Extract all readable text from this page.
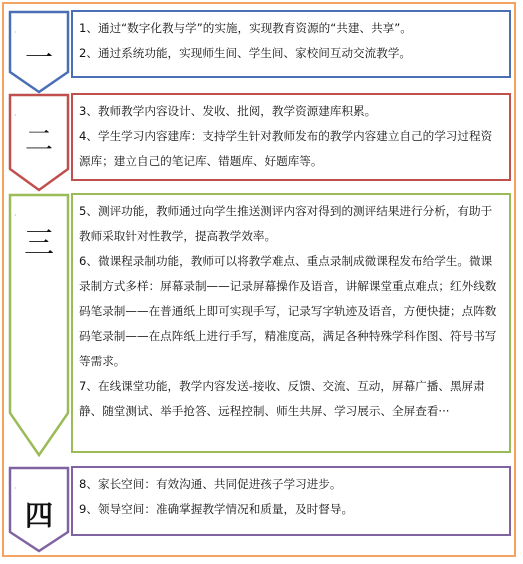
·
一

1、通过“数字化教与学”的实施，实现教育资源的“共建、共享”。

2、通过系统功能，实现师生间、学生间、家校间互动交流教学。

·
二

3、教师教学内容设计、发收、批阅，教学资源建库积累。

4、学生学习内容建库：支持学生针对教师发布的教学内容建立自己的学习过程资源库；建立自己的笔记库、错题库、好题库等。

·
三

5、测评功能，教师通过向学生推送测评内容对得到的测评结果进行分析，有助于教师采取针对性教学，提高教学效率。

6、微课程录制功能，教师可以将教学难点、重点录制成微课程发布给学生。微课录制方式多样：屏幕录制——记录屏幕操作及语音，讲解课堂重点难点；红外线数码笔录制——在普通纸上即可实现手写，记录写字轨迹及语音，方便快捷；点阵数码笔录制——在点阵纸上进行手写，精准度高，满足各种特殊学科作图、符号书写等需求。

7、在线课堂功能，教学内容发送-接收、反馈、交流、互动，屏幕广播、黑屏肃静、随堂测试、举手抢答、远程控制、师生共屏、学习展示、全屏查看···

·
四

8、家长空间：有效沟通、共同促进孩子学习进步。

9、领导空间：准确掌握教学情况和质量，及时督导。
